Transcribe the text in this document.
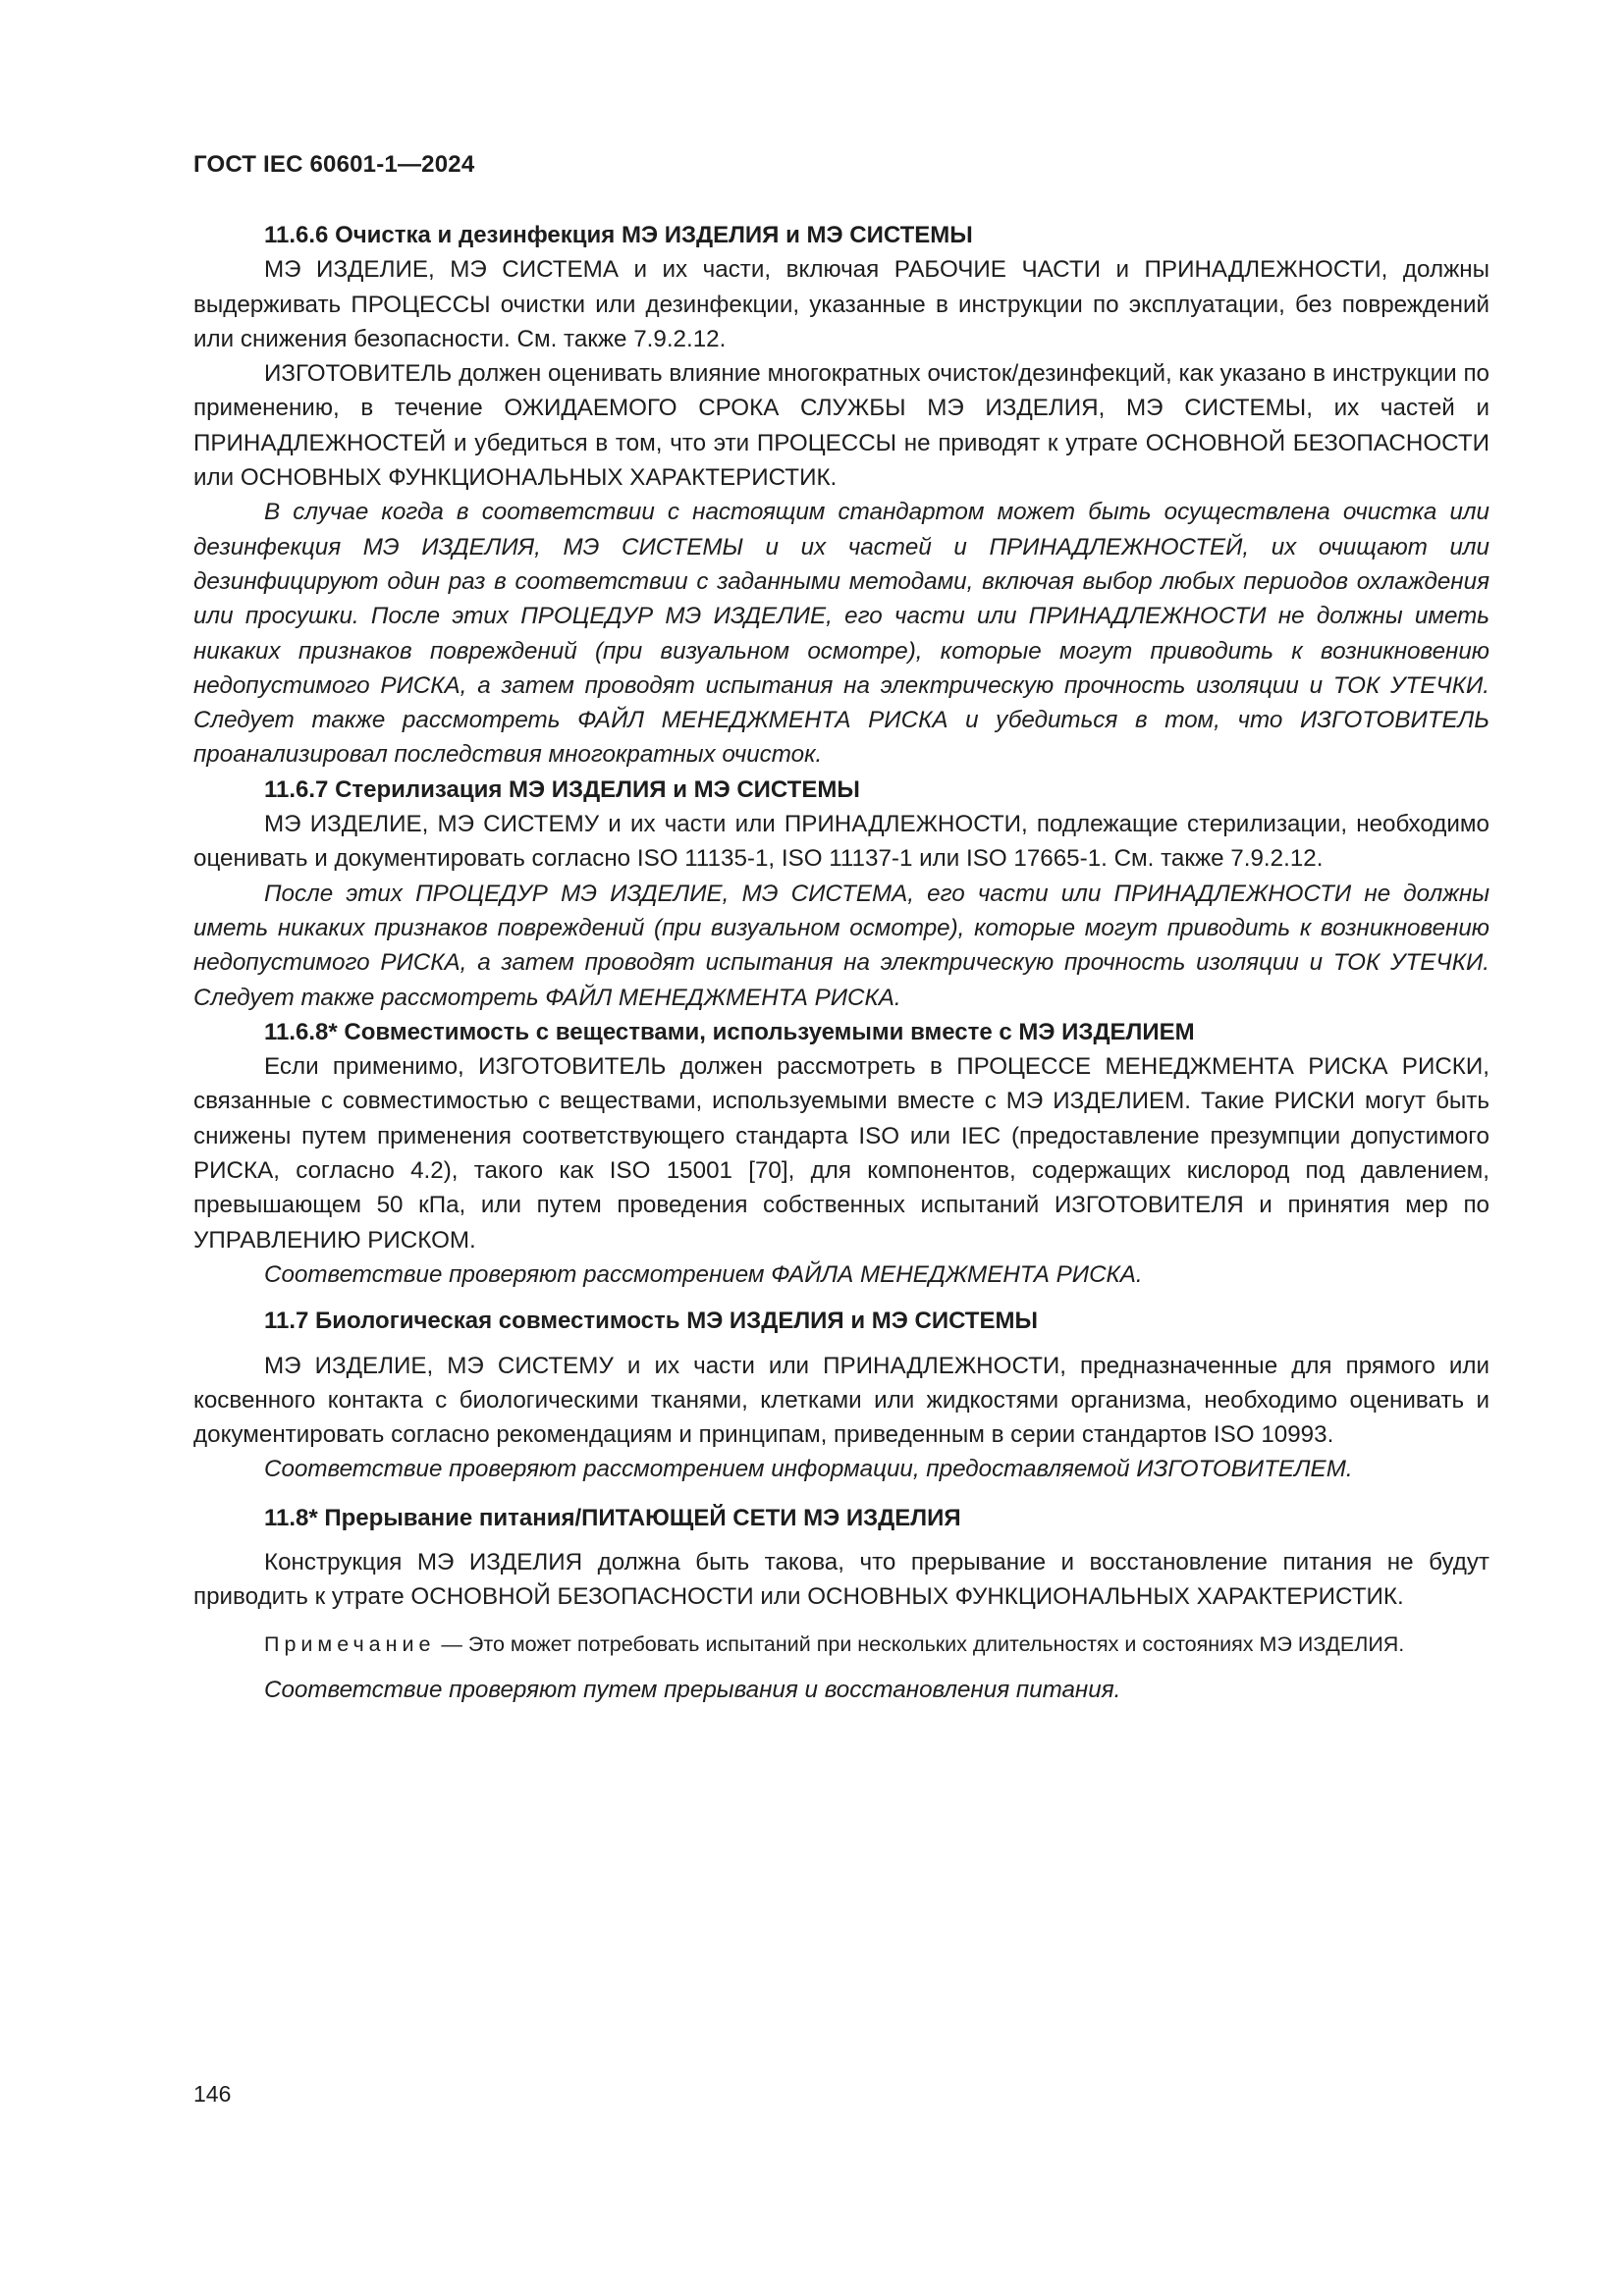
ГОСТ IEC 60601-1—2024
11.6.6 Очистка и дезинфекция МЭ ИЗДЕЛИЯ и МЭ СИСТЕМЫ

МЭ ИЗДЕЛИЕ, МЭ СИСТЕМА и их части, включая РАБОЧИЕ ЧАСТИ и ПРИНАДЛЕЖНОСТИ, должны выдерживать ПРОЦЕССЫ очистки или дезинфекции, указанные в инструкции по эксплуатации, без повреждений или снижения безопасности. См. также 7.9.2.12.

ИЗГОТОВИТЕЛЬ должен оценивать влияние многократных очисток/дезинфекций, как указано в инструкции по применению, в течение ОЖИДАЕМОГО СРОКА СЛУЖБЫ МЭ ИЗДЕЛИЯ, МЭ СИСТЕМЫ, их частей и ПРИНАДЛЕЖНОСТЕЙ и убедиться в том, что эти ПРОЦЕССЫ не приводят к утрате ОСНОВНОЙ БЕЗОПАСНОСТИ или ОСНОВНЫХ ФУНКЦИОНАЛЬНЫХ ХАРАКТЕРИСТИК.

В случае когда в соответствии с настоящим стандартом может быть осуществлена очистка или дезинфекция МЭ ИЗДЕЛИЯ, МЭ СИСТЕМЫ и их частей и ПРИНАДЛЕЖНОСТЕЙ, их очищают или дезинфицируют один раз в соответствии с заданными методами, включая выбор любых периодов охлаждения или просушки. После этих ПРОЦЕДУР МЭ ИЗДЕЛИЕ, его части или ПРИНАДЛЕЖНОСТИ не должны иметь никаких признаков повреждений (при визуальном осмотре), которые могут приводить к возникновению недопустимого РИСКА, а затем проводят испытания на электрическую прочность изоляции и ТОК УТЕЧКИ. Следует также рассмотреть ФАЙЛ МЕНЕДЖМЕНТА РИСКА и убедиться в том, что ИЗГОТОВИТЕЛЬ проанализировал последствия многократных очисток.

11.6.7 Стерилизация МЭ ИЗДЕЛИЯ и МЭ СИСТЕМЫ

МЭ ИЗДЕЛИЕ, МЭ СИСТЕМУ и их части или ПРИНАДЛЕЖНОСТИ, подлежащие стерилизации, необходимо оценивать и документировать согласно ISO 11135-1, ISO 11137-1 или ISO 17665-1. См. также 7.9.2.12.

После этих ПРОЦЕДУР МЭ ИЗДЕЛИЕ, МЭ СИСТЕМА, его части или ПРИНАДЛЕЖНОСТИ не должны иметь никаких признаков повреждений (при визуальном осмотре), которые могут приводить к возникновению недопустимого РИСКА, а затем проводят испытания на электрическую прочность изоляции и ТОК УТЕЧКИ. Следует также рассмотреть ФАЙЛ МЕНЕДЖМЕНТА РИСКА.

11.6.8* Совместимость с веществами, используемыми вместе с МЭ ИЗДЕЛИЕМ

Если применимо, ИЗГОТОВИТЕЛЬ должен рассмотреть в ПРОЦЕССЕ МЕНЕДЖМЕНТА РИСКА РИСКИ, связанные с совместимостью с веществами, используемыми вместе с МЭ ИЗДЕЛИЕМ. Такие РИСКИ могут быть снижены путем применения соответствующего стандарта ISO или IEC (предоставление презумпции допустимого РИСКА, согласно 4.2), такого как ISO 15001 [70], для компонентов, содержащих кислород под давлением, превышающем 50 кПа, или путем проведения собственных испытаний ИЗГОТОВИТЕЛЯ и принятия мер по УПРАВЛЕНИЮ РИСКОМ.

Соответствие проверяют рассмотрением ФАЙЛА МЕНЕДЖМЕНТА РИСКА.

11.7 Биологическая совместимость МЭ ИЗДЕЛИЯ и МЭ СИСТЕМЫ

МЭ ИЗДЕЛИЕ, МЭ СИСТЕМУ и их части или ПРИНАДЛЕЖНОСТИ, предназначенные для прямого или косвенного контакта с биологическими тканями, клетками или жидкостями организма, необходимо оценивать и документировать согласно рекомендациям и принципам, приведенным в серии стандартов ISO 10993.

Соответствие проверяют рассмотрением информации, предоставляемой ИЗГОТОВИТЕЛЕМ.

11.8* Прерывание питания/ПИТАЮЩЕЙ СЕТИ МЭ ИЗДЕЛИЯ

Конструкция МЭ ИЗДЕЛИЯ должна быть такова, что прерывание и восстановление питания не будут приводить к утрате ОСНОВНОЙ БЕЗОПАСНОСТИ или ОСНОВНЫХ ФУНКЦИОНАЛЬНЫХ ХАРАКТЕРИСТИК.

Примечание — Это может потребовать испытаний при нескольких длительностях и состояниях МЭ ИЗДЕЛИЯ.

Соответствие проверяют путем прерывания и восстановления питания.

146
